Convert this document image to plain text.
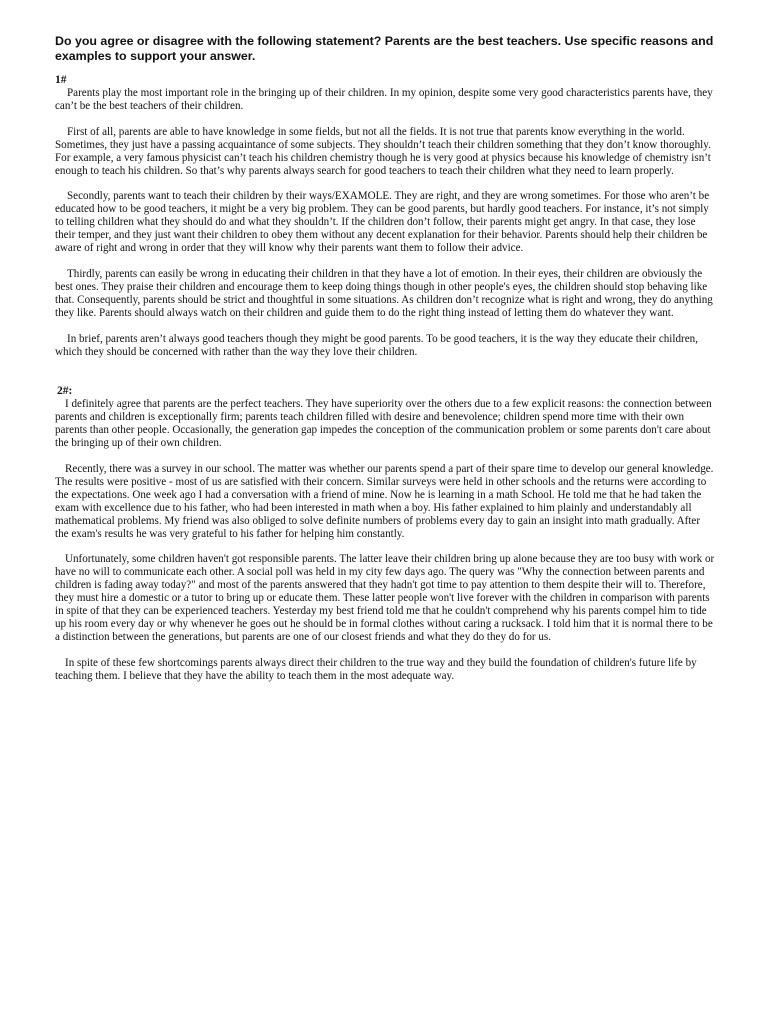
Do you agree or disagree with the following statement? Parents are the best teachers. Use specific reasons and examples to support your answer.
1#

Parents play the most important role in the bringing up of their children. In my opinion, despite some very good characteristics parents have, they can’t be the best teachers of their children.

First of all, parents are able to have knowledge in some fields, but not all the fields. It is not true that parents know everything in the world. Sometimes, they just have a passing acquaintance of some subjects. They shouldn’t teach their children something that they don’t know thoroughly. For example, a very famous physicist can’t teach his children chemistry though he is very good at physics because his knowledge of chemistry isn’t enough to teach his children. So that’s why parents always search for good teachers to teach their children what they need to learn properly.

Secondly, parents want to teach their children by their ways/EXAMOLE. They are right, and they are wrong sometimes. For those who aren’t be educated how to be good teachers, it might be a very big problem. They can be good parents, but hardly good teachers. For instance, it’s not simply to telling children what they should do and what they shouldn’t. If the children don’t follow, their parents might get angry. In that case, they lose their temper, and they just want their children to obey them without any decent explanation for their behavior. Parents should help their children be aware of right and wrong in order that they will know why their parents want them to follow their advice.

Thirdly, parents can easily be wrong in educating their children in that they have a lot of emotion. In their eyes, their children are obviously the best ones. They praise their children and encourage them to keep doing things though in other people's eyes, the children should stop behaving like that. Consequently, parents should be strict and thoughtful in some situations. As children don’t recognize what is right and wrong, they do anything they like. Parents should always watch on their children and guide them to do the right thing instead of letting them do whatever they want.

In brief, parents aren’t always good teachers though they might be good parents. To be good teachers, it is the way they educate their children, which they should be concerned with rather than the way they love their children.

2#:

I definitely agree that parents are the perfect teachers. They have superiority over the others due to a few explicit reasons: the connection between parents and children is exceptionally firm; parents teach children filled with desire and benevolence; children spend more time with their own parents than other people. Occasionally, the generation gap impedes the conception of the communication problem or some parents don't care about the bringing up of their own children.

Recently, there was a survey in our school. The matter was whether our parents spend a part of their spare time to develop our general knowledge. The results were positive - most of us are satisfied with their concern. Similar surveys were held in other schools and the returns were according to the expectations. One week ago I had a conversation with a friend of mine. Now he is learning in a math School. He told me that he had taken the exam with excellence due to his father, who had been interested in math when a boy. His father explained to him plainly and understandably all mathematical problems. My friend was also obliged to solve definite numbers of problems every day to gain an insight into math gradually. After the exam's results he was very grateful to his father for helping him constantly.

Unfortunately, some children haven't got responsible parents. The latter leave their children bring up alone because they are too busy with work or have no will to communicate each other. A social poll was held in my city few days ago. The query was "Why the connection between parents and children is fading away today?" and most of the parents answered that they hadn't got time to pay attention to them despite their will to. Therefore, they must hire a domestic or a tutor to bring up or educate them. These latter people won't live forever with the children in comparison with parents in spite of that they can be experienced teachers. Yesterday my best friend told me that he couldn't comprehend why his parents compel him to tide up his room every day or why whenever he goes out he should be in formal clothes without caring a rucksack. I told him that it is normal there to be a distinction between the generations, but parents are one of our closest friends and what they do they do for us.

In spite of these few shortcomings parents always direct their children to the true way and they build the foundation of children's future life by teaching them. I believe that they have the ability to teach them in the most adequate way.
